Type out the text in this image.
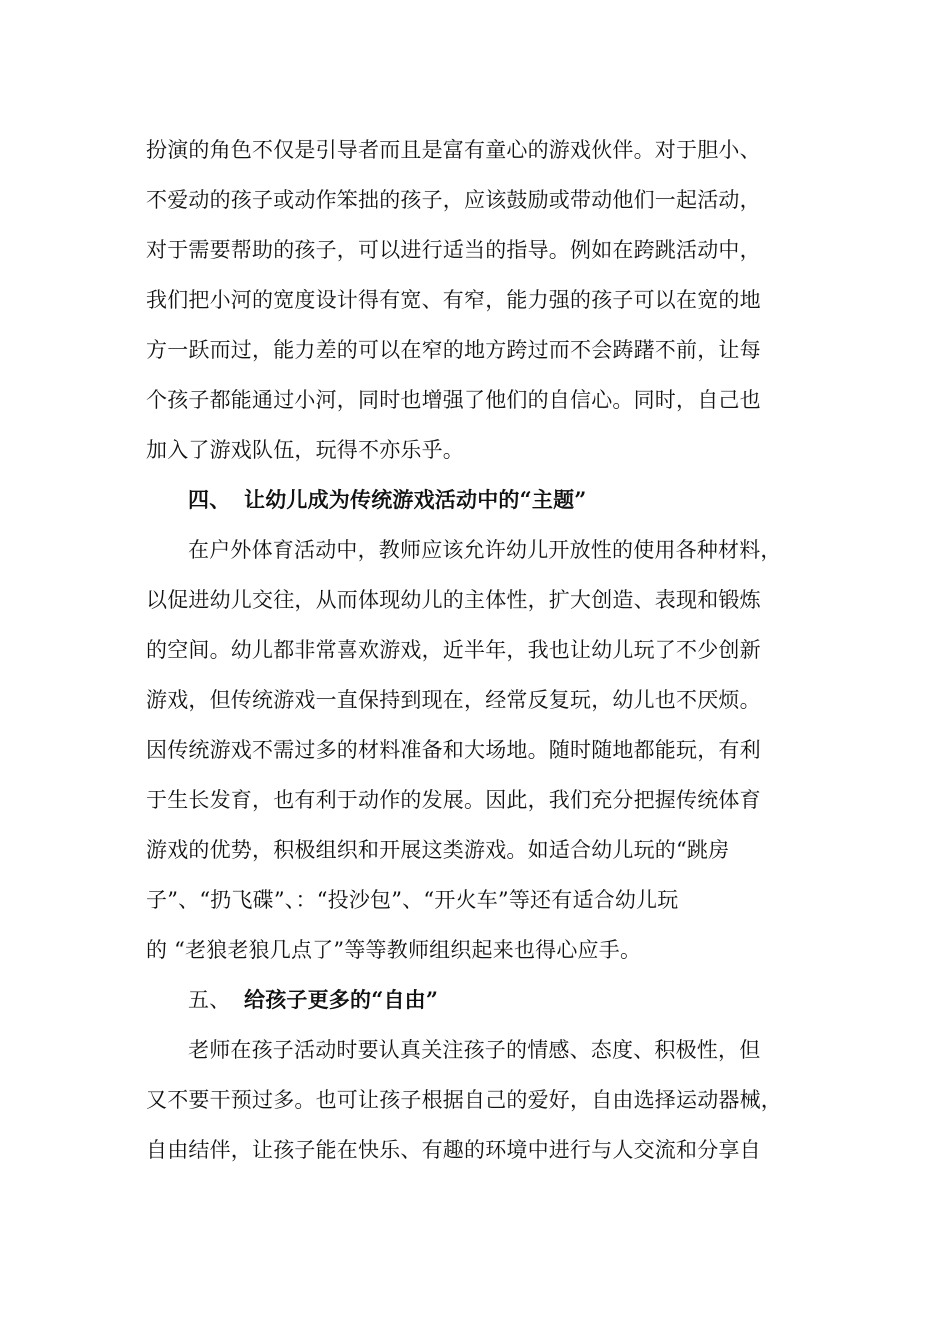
扮演的角色不仅是引导者而且是富有童心的游戏伙伴。对于胆小、
不爱动的孩子或动作笨拙的孩子，应该鼓励或带动他们一起活动，
对于需要帮助的孩子，可以进行适当的指导。例如在跨跳活动中，
我们把小河的宽度设计得有宽、有窄，能力强的孩子可以在宽的地
方一跃而过，能力差的可以在窄的地方跨过而不会踌躇不前，让每
个孩子都能通过小河，同时也增强了他们的自信心。同时，自己也
加入了游戏队伍，玩得不亦乐乎。
四、 让幼儿成为传统游戏活动中的“主题”
在户外体育活动中，教师应该允许幼儿开放性的使用各种材料，
以促进幼儿交往，从而体现幼儿的主体性，扩大创造、表现和锻炼
的空间。幼儿都非常喜欢游戏，近半年，我也让幼儿玩了不少创新
游戏，但传统游戏一直保持到现在，经常反复玩，幼儿也不厌烦。
因传统游戏不需过多的材料准备和大场地。随时随地都能玩，有利
于生长发育，也有利于动作的发展。因此，我们充分把握传统体育
游戏的优势，积极组织和开展这类游戏。如适合幼儿玩的“跳房
子”、“扔飞碟”、：“投沙包”、“开火车”等还有适合幼儿玩
的 “老狼老狼几点了”等等教师组织起来也得心应手。
五、 给孩子更多的“自由”
老师在孩子活动时要认真关注孩子的情感、态度、积极性，但
又不要干预过多。也可让孩子根据自己的爱好，自由选择运动器械，
自由结伴，让孩子能在快乐、有趣的环境中进行与人交流和分享自
